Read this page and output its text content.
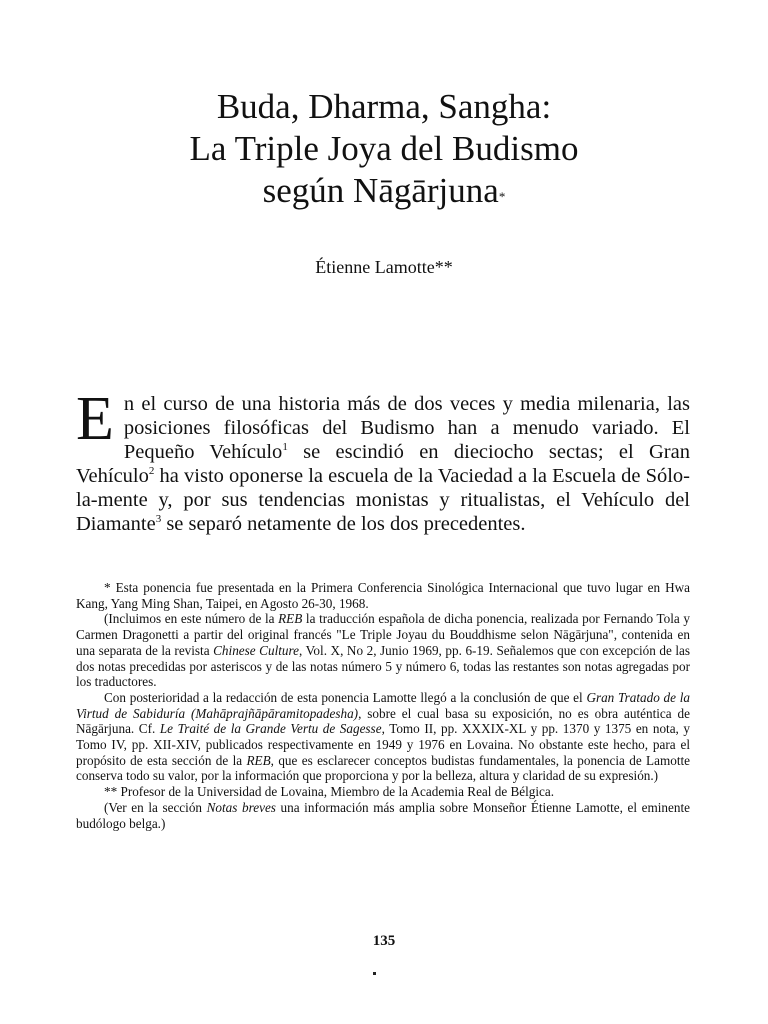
Buda, Dharma, Sangha:
La Triple Joya del Budismo
según Nāgārjuna*
Étienne Lamotte**
En el curso de una historia más de dos veces y media milenaria, las posiciones filosóficas del Budismo han a menudo variado. El Pequeño Vehículo$^1$ se escindió en dieciocho sectas; el Gran Vehículo$^2$ ha visto oponerse la escuela de la Vaciedad a la Escuela de Sólo-la-mente y, por sus tendencias monistas y ritualistas, el Vehículo del Diamante$^3$ se separó netamente de los dos precedentes.

* Esta ponencia fue presentada en la Primera Conferencia Sinológica Internacional que tuvo lugar en Hwa Kang, Yang Ming Shan, Taipei, en Agosto 26-30, 1968.

(Incluimos en este número de la REB la traducción española de dicha ponencia, realizada por Fernando Tola y Carmen Dragonetti a partir del original francés "Le Triple Joyau du Bouddhisme selon Nāgārjuna", contenida en una separata de la revista Chinese Culture, Vol. X, No 2, Junio 1969, pp. 6-19. Señalemos que con excepción de las dos notas precedidas por asteriscos y de las notas número 5 y número 6, todas las restantes son notas agregadas por los traductores.

Con posterioridad a la redacción de esta ponencia Lamotte llegó a la conclusión de que el Gran Tratado de la Virtud de Sabiduría (Mahāprajñāpāramitopadesha), sobre el cual basa su exposición, no es obra auténtica de Nāgārjuna. Cf. Le Traité de la Grande Vertu de Sagesse, Tomo II, pp. XXXIX-XL y pp. 1370 y 1375 en nota, y Tomo IV, pp. XII-XIV, publicados respectivamente en 1949 y 1976 en Lovaina. No obstante este hecho, para el propósito de esta sección de la REB, que es esclarecer conceptos budistas fundamentales, la ponencia de Lamotte conserva todo su valor, por la información que proporciona y por la belleza, altura y claridad de su expresión.)

** Profesor de la Universidad de Lovaina, Miembro de la Academia Real de Bélgica.

(Ver en la sección Notas breves una información más amplia sobre Monseñor Étienne Lamotte, el eminente budólogo belga.)

135
